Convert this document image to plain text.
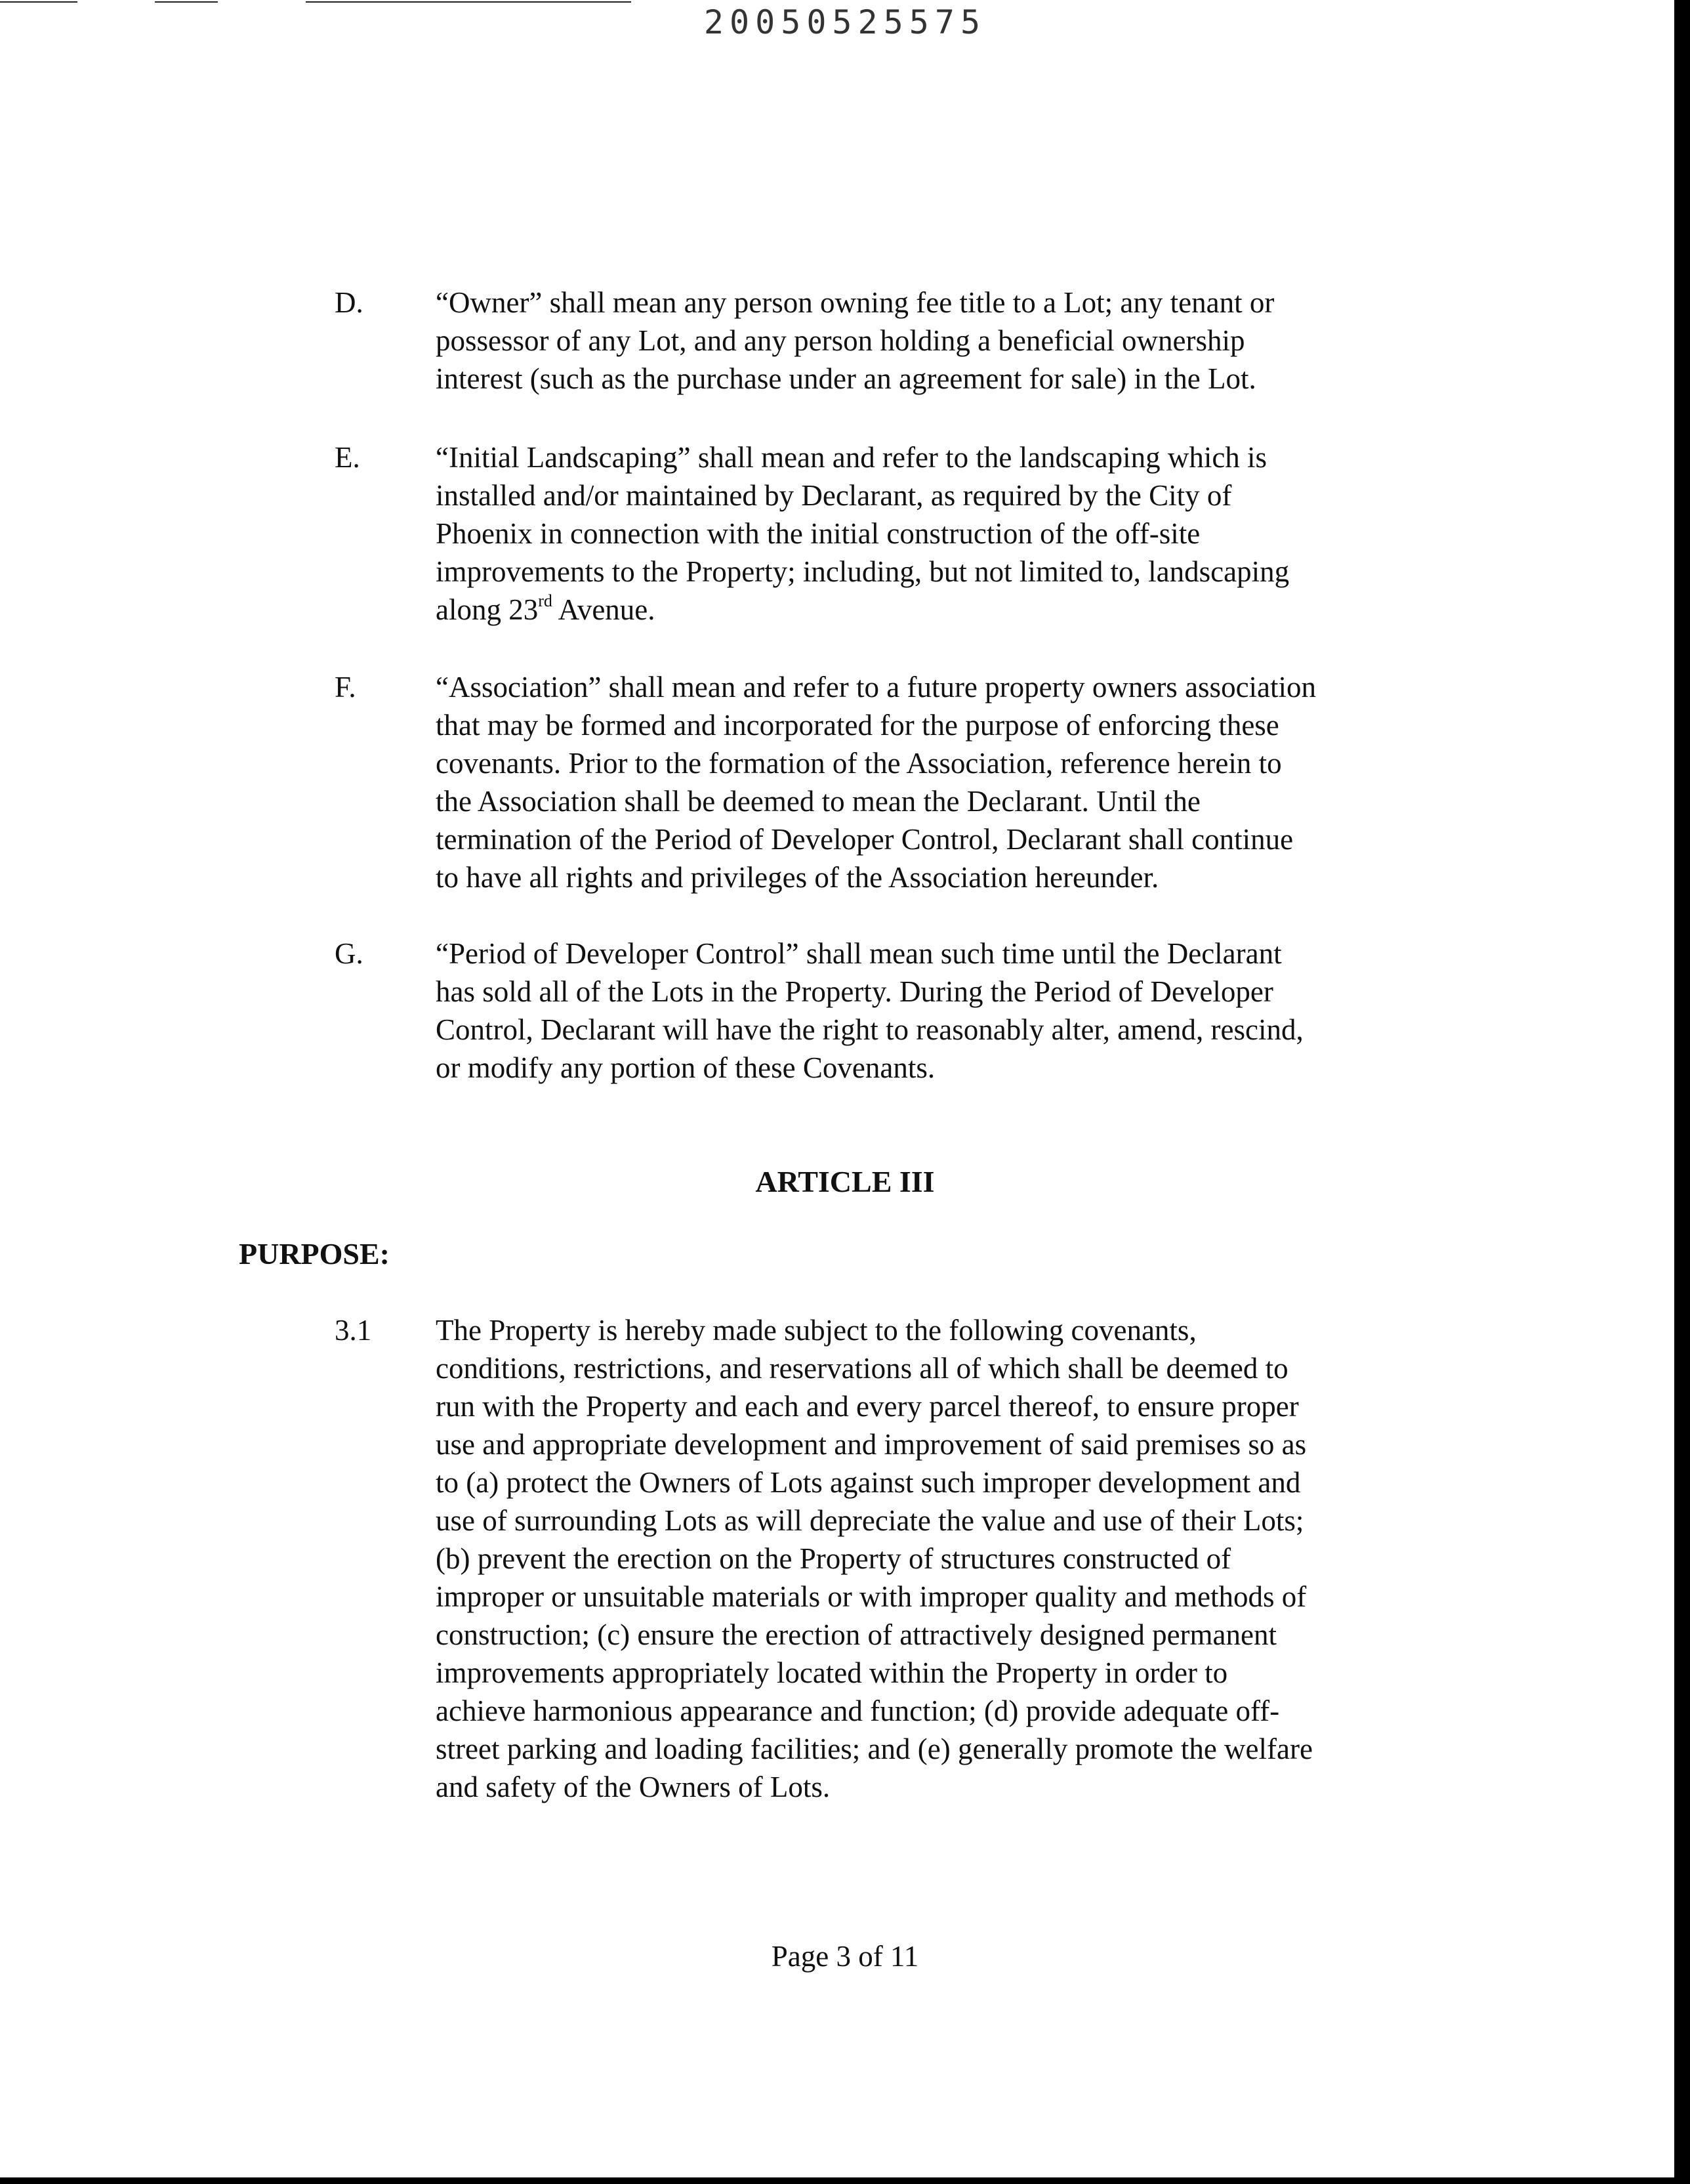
20050525575
D. “Owner” shall mean any person owning fee title to a Lot; any tenant or

possessor of any Lot, and any person holding a beneficial ownership

interest (such as the purchase under an agreement for sale) in the Lot.

E.	“Initial Landscaping” shall mean and refer to the landscaping which is

installed and/or maintained by Declarant, as required by the City of

Phoenix in connection with the initial construction of the off-site

improvements to the Property; including, but not limited to, landscaping

along 23rd Avenue.

F.	“Association” shall mean and refer to a future property owners association

that may be formed and incorporated for the purpose of enforcing these

covenants. Prior to the formation of the Association, reference herein to

the Association shall be deemed to mean the Declarant. Until the

termination of the Period of Developer Control, Declarant shall continue

to have all rights and privileges of the Association hereunder.

G. “Period of Developer Control” shall mean such time until the Declarant

has sold all of the Lots in the Property. During the Period of Developer

Control, Declarant will have the right to reasonably alter, amend, rescind,

or modify any portion of these Covenants.

ARTICLE III
PURPOSE:
3.1 The Property is hereby made subject to the following covenants,

conditions, restrictions, and reservations all of which shall be deemed to

run with the Property and each and every parcel thereof, to ensure proper

use and appropriate development and improvement of said premises so as

to (a) protect the Owners of Lots against such improper development and

use of surrounding Lots as will depreciate the value and use of their Lots;

(b) prevent the erection on the Property of structures constructed of

improper or unsuitable materials or with improper quality and methods of

construction; (c) ensure the erection of attractively designed permanent

improvements appropriately located within the Property in order to

achieve harmonious appearance and function; (d) provide adequate off-

street parking and loading facilities; and (e) generally promote the welfare

and safety of the Owners of Lots.

Page 3 of 11
